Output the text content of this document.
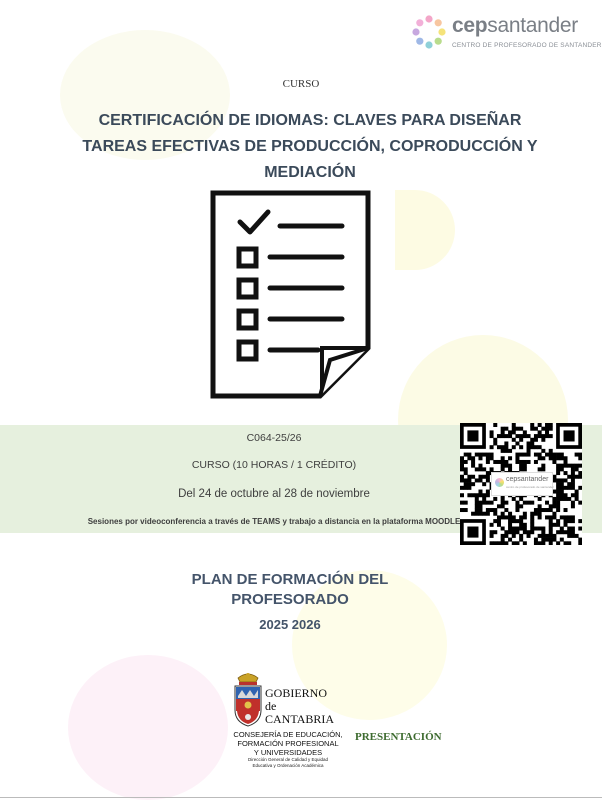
cepsantander
CENTRO DE PROFESORADO DE SANTANDER
CURSO
CERTIFICACIÓN DE IDIOMAS: CLAVES PARA DISEÑAR
TAREAS EFECTIVAS DE PRODUCCIÓN, COPRODUCCIÓN Y
MEDIACIÓN
C064-25/26
CURSO (10 HORAS / 1 CRÉDITO)
Del 24 de octubre al 28 de noviembre
Sesiones por videoconferencia a través de TEAMS y trabajo a distancia en la plataforma MOODLE
cepsantander
centro de profesorado de santander
PLAN DE FORMACIÓN DEL
PROFESORADO
2025 2026
GOBIERNO
de
CANTABRIA
CONSEJERÍA DE EDUCACIÓN,
FORMACIÓN PROFESIONAL
Y UNIVERSIDADES
Dirección General de Calidad y Equidad
Educativa y Ordenación Académica
PRESENTACIÓN
